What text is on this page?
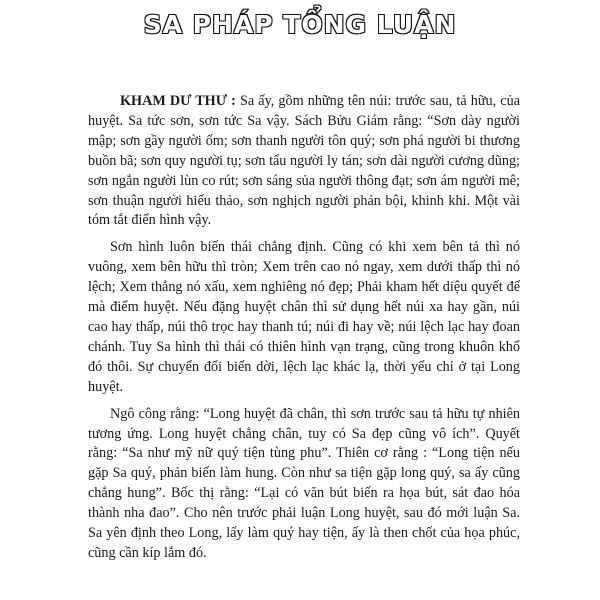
SA PHÁP TỔNG LUẬN

KHAM DƯ THƯ : Sa ấy, gồm những tên núi: trước sau, tả hữu, của huyệt. Sa tức sơn, sơn tức Sa vậy. Sách Bửu Giám rằng: “Sơn dày người mập; sơn gầy người ốm; sơn thanh người tôn quý; sơn phá người bi thương buồn bã; sơn quy người tụ; sơn tẩu người ly tán; sơn dài người cương dũng; sơn ngắn người lùn co rút; sơn sáng sủa người thông đạt; sơn ám người mê; sơn thuận người hiếu thảo, sơn nghịch người phản bội, khinh khi. Một vài tóm tắt điển hình vậy.

Sơn hình luôn biến thái chẳng định. Cũng có khi xem bên tả thì nó vuông, xem bên hữu thì tròn; Xem trên cao nó ngay, xem dưới thấp thì nó lệch; Xem thẳng nó xấu, xem nghiêng nó đẹp; Phải kham hết diệu quyết để mà điểm huyệt. Nếu đặng huyệt chân thì sử dụng hết núi xa hay gần, núi cao hay thấp, núi thô trọc hay thanh tú; núi đi hay về; núi lệch lạc hay đoan chánh. Tuy Sa hình thì thái có thiên hình vạn trạng, cũng trong khuôn khổ đó thôi. Sự chuyển đổi biến dời, lệch lạc khác lạ, thời yếu chỉ ở tại Long huyệt.

Ngô công rằng: “Long huyệt đã chân, thì sơn trước sau tả hữu tự nhiên tương ứng. Long huyệt chẳng chân, tuy có Sa đẹp cũng vô ích”. Quyết rằng: “Sa như mỹ nữ quý tiện tùng phu”. Thiên cơ rằng : “Long tiện nếu gặp Sa quý, phản biến làm hung. Còn như sa tiện gặp long quý, sa ấy cũng chẳng hung”. Bốc thị rằng: “Lại có văn bút biến ra họa bút, sát đao hóa thành nha đao”. Cho nên trước phải luận Long huyệt, sau đó mới luận Sa. Sa yên định theo Long, lấy làm quý hay tiện, ấy là then chốt của họa phúc, cũng cần kíp lắm đó.
